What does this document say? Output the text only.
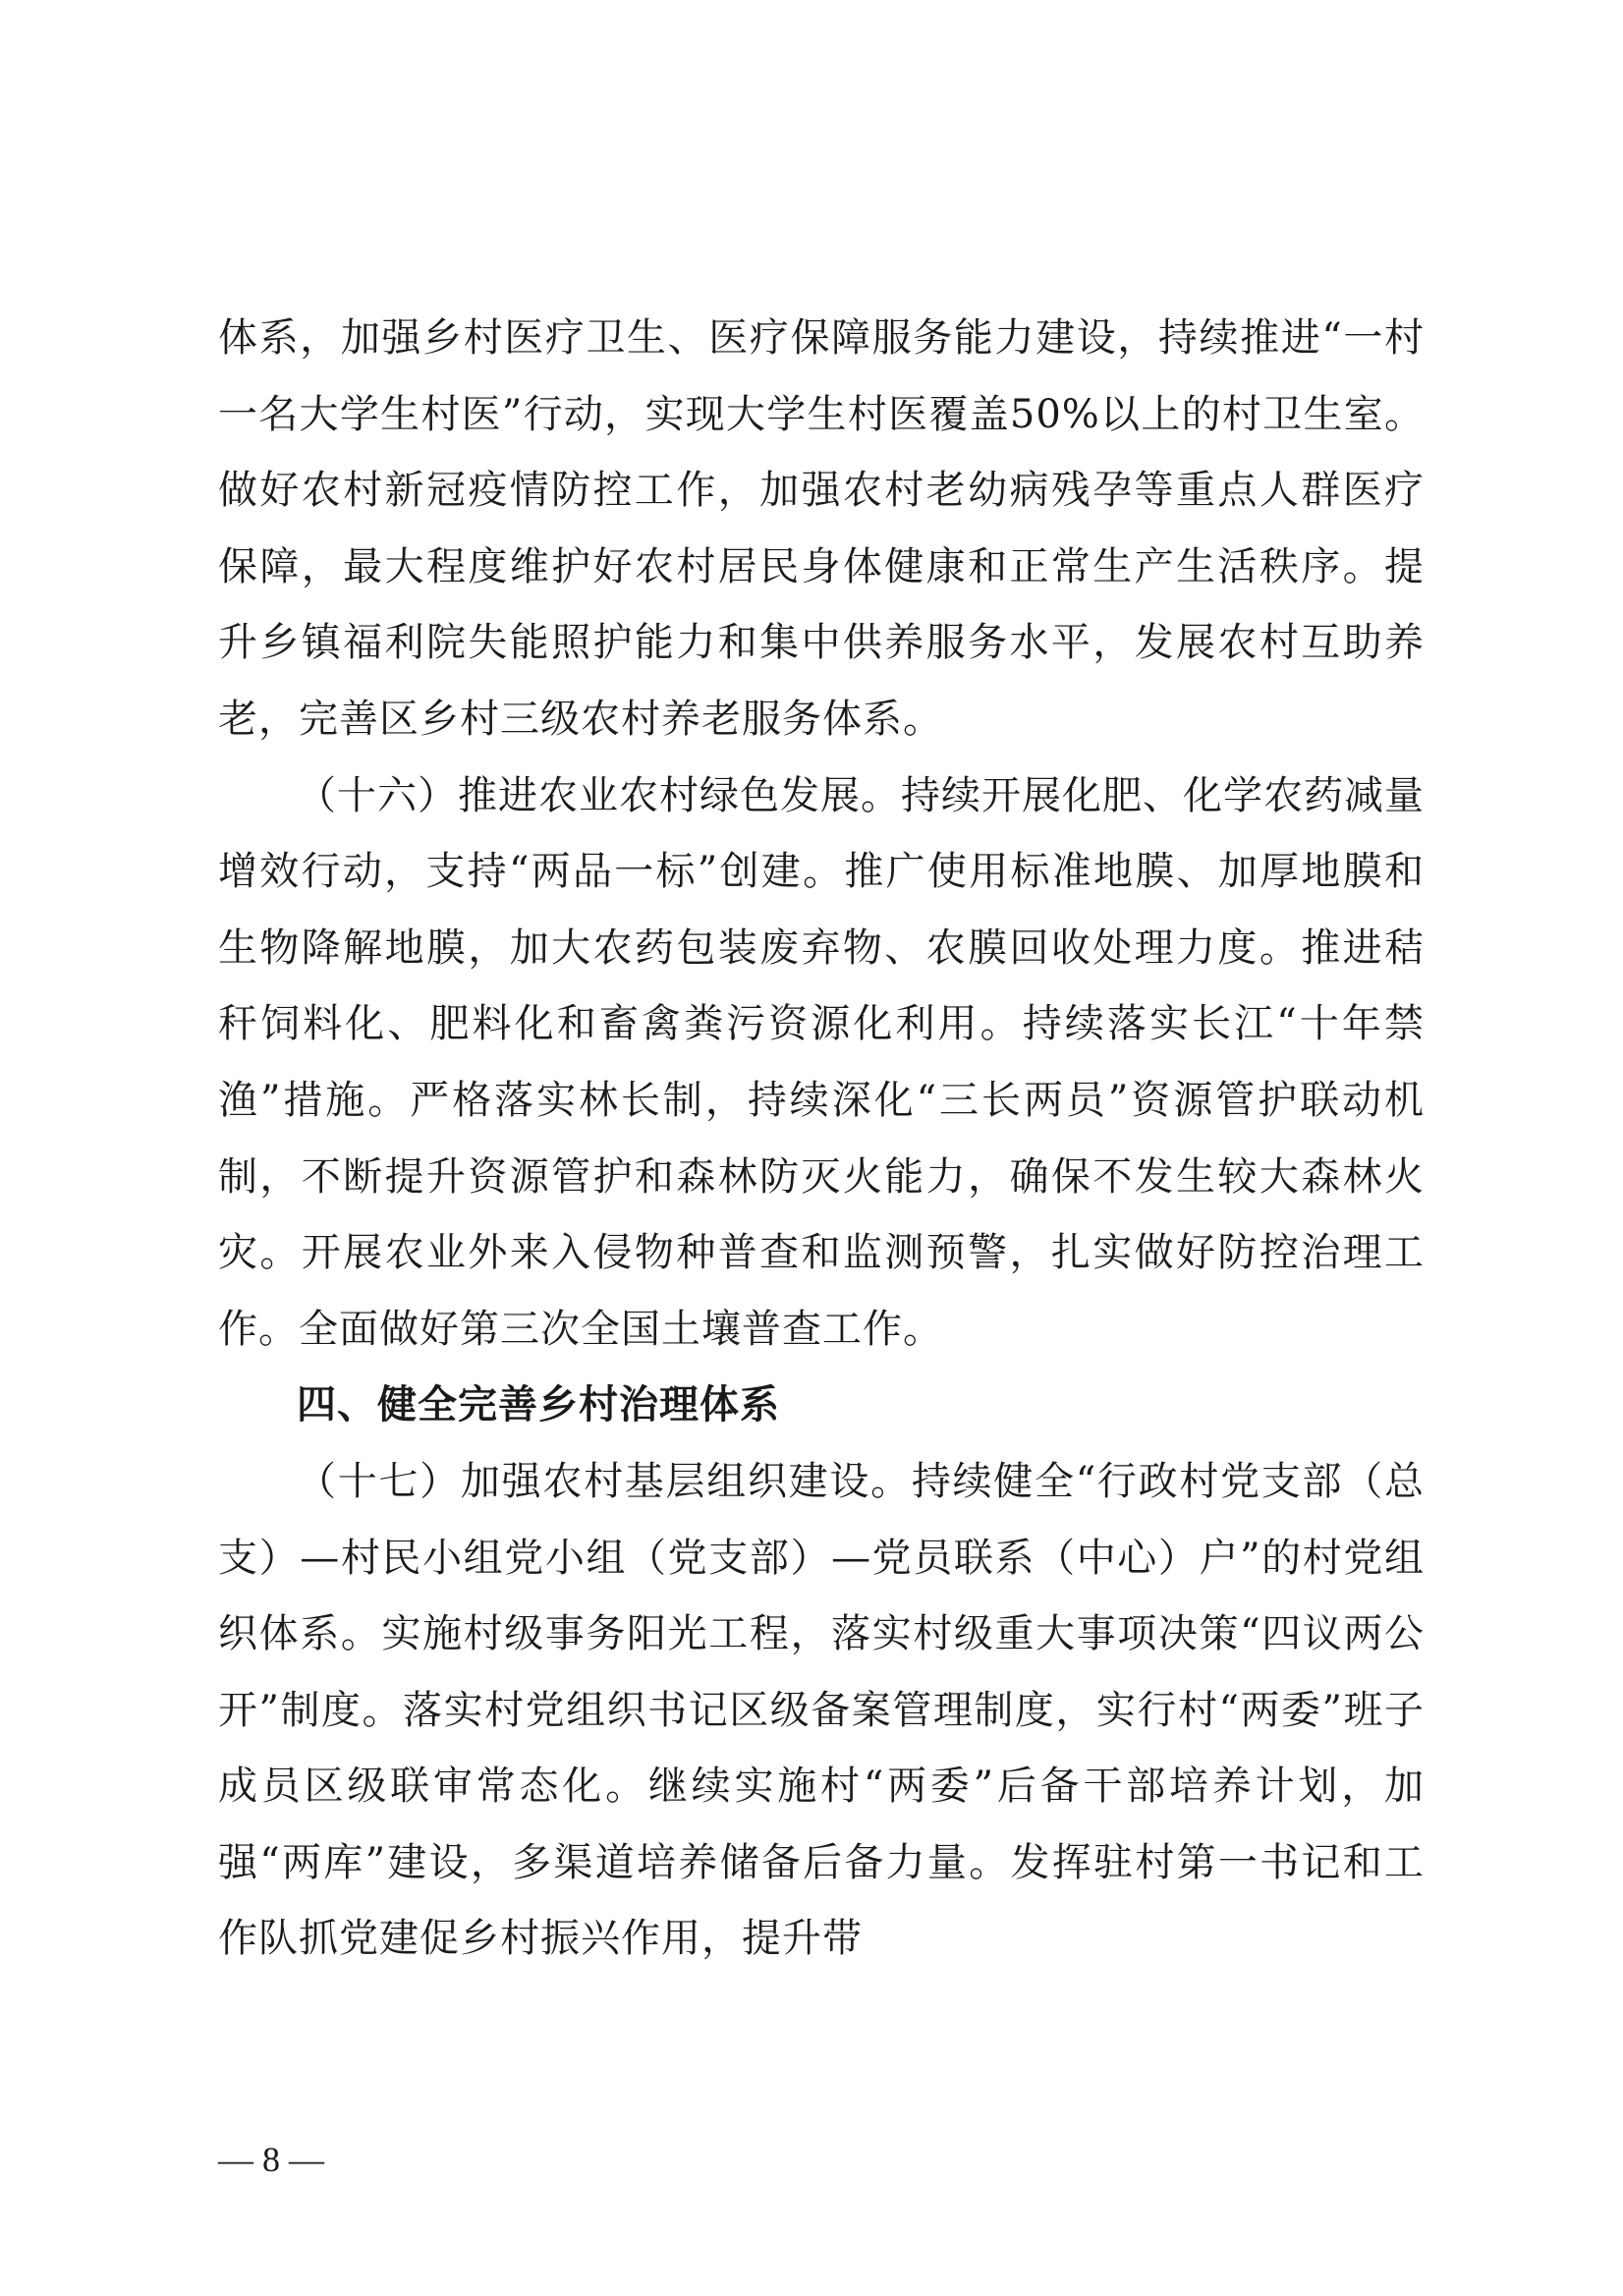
体系，加强乡村医疗卫生、医疗保障服务能力建设，持续推进“一村一名大学生村医”行动，实现大学生村医覆盖50%以上的村卫生室。做好农村新冠疫情防控工作，加强农村老幼病残孕等重点人群医疗保障，最大程度维护好农村居民身体健康和正常生产生活秩序。提升乡镇福利院失能照护能力和集中供养服务水平，发展农村互助养老，完善区乡村三级农村养老服务体系。

（十六）推进农业农村绿色发展。持续开展化肥、化学农药减量增效行动，支持“两品一标”创建。推广使用标准地膜、加厚地膜和生物降解地膜，加大农药包装废弃物、农膜回收处理力度。推进秸秆饲料化、肥料化和畜禽粪污资源化利用。持续落实长江“十年禁渔”措施。严格落实林长制，持续深化“三长两员”资源管护联动机制，不断提升资源管护和森林防灭火能力，确保不发生较大森林火灾。开展农业外来入侵物种普查和监测预警，扎实做好防控治理工作。全面做好第三次全国土壤普查工作。

四、健全完善乡村治理体系

（十七）加强农村基层组织建设。持续健全“行政村党支部（总支）—村民小组党小组（党支部）—党员联系（中心）户”的村党组织体系。实施村级事务阳光工程，落实村级重大事项决策“四议两公开”制度。落实村党组织书记区级备案管理制度，实行村“两委”班子成员区级联审常态化。继续实施村“两委”后备干部培养计划，加强“两库”建设，多渠道培养储备后备力量。发挥驻村第一书记和工作队抓党建促乡村振兴作用，提升带

— 8 —
